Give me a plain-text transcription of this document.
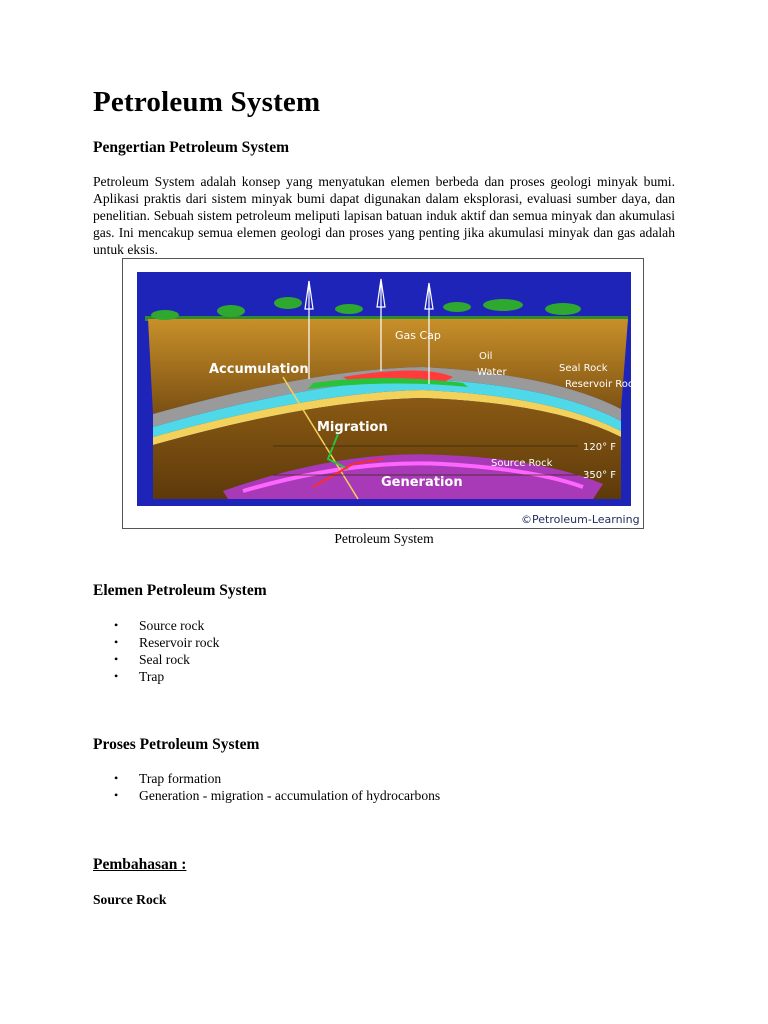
Petroleum System
Pengertian Petroleum System

Petroleum System adalah konsep yang menyatukan elemen berbeda dan proses geologi minyak bumi. Aplikasi praktis dari sistem minyak bumi dapat digunakan dalam eksplorasi, evaluasi sumber daya, dan penelitian. Sebuah sistem petroleum meliputi lapisan batuan induk aktif dan semua minyak dan akumulasi gas. Ini mencakup semua elemen geologi dan proses yang penting jika akumulasi minyak dan gas adalah untuk eksis.

Gas Cap
Oil
Water	Seal Rock
Reservoir Rock
Accumulation
Migration
120° F
Source Rock
350° F
Generation
©Petroleum-Learning
Petroleum System
Elemen Petroleum System
• Source rock
• Reservoir rock
• Seal rock
• Trap
Proses Petroleum System
• Trap formation
• Generation - migration - accumulation of hydrocarbons
Pembahasan :
Source Rock
